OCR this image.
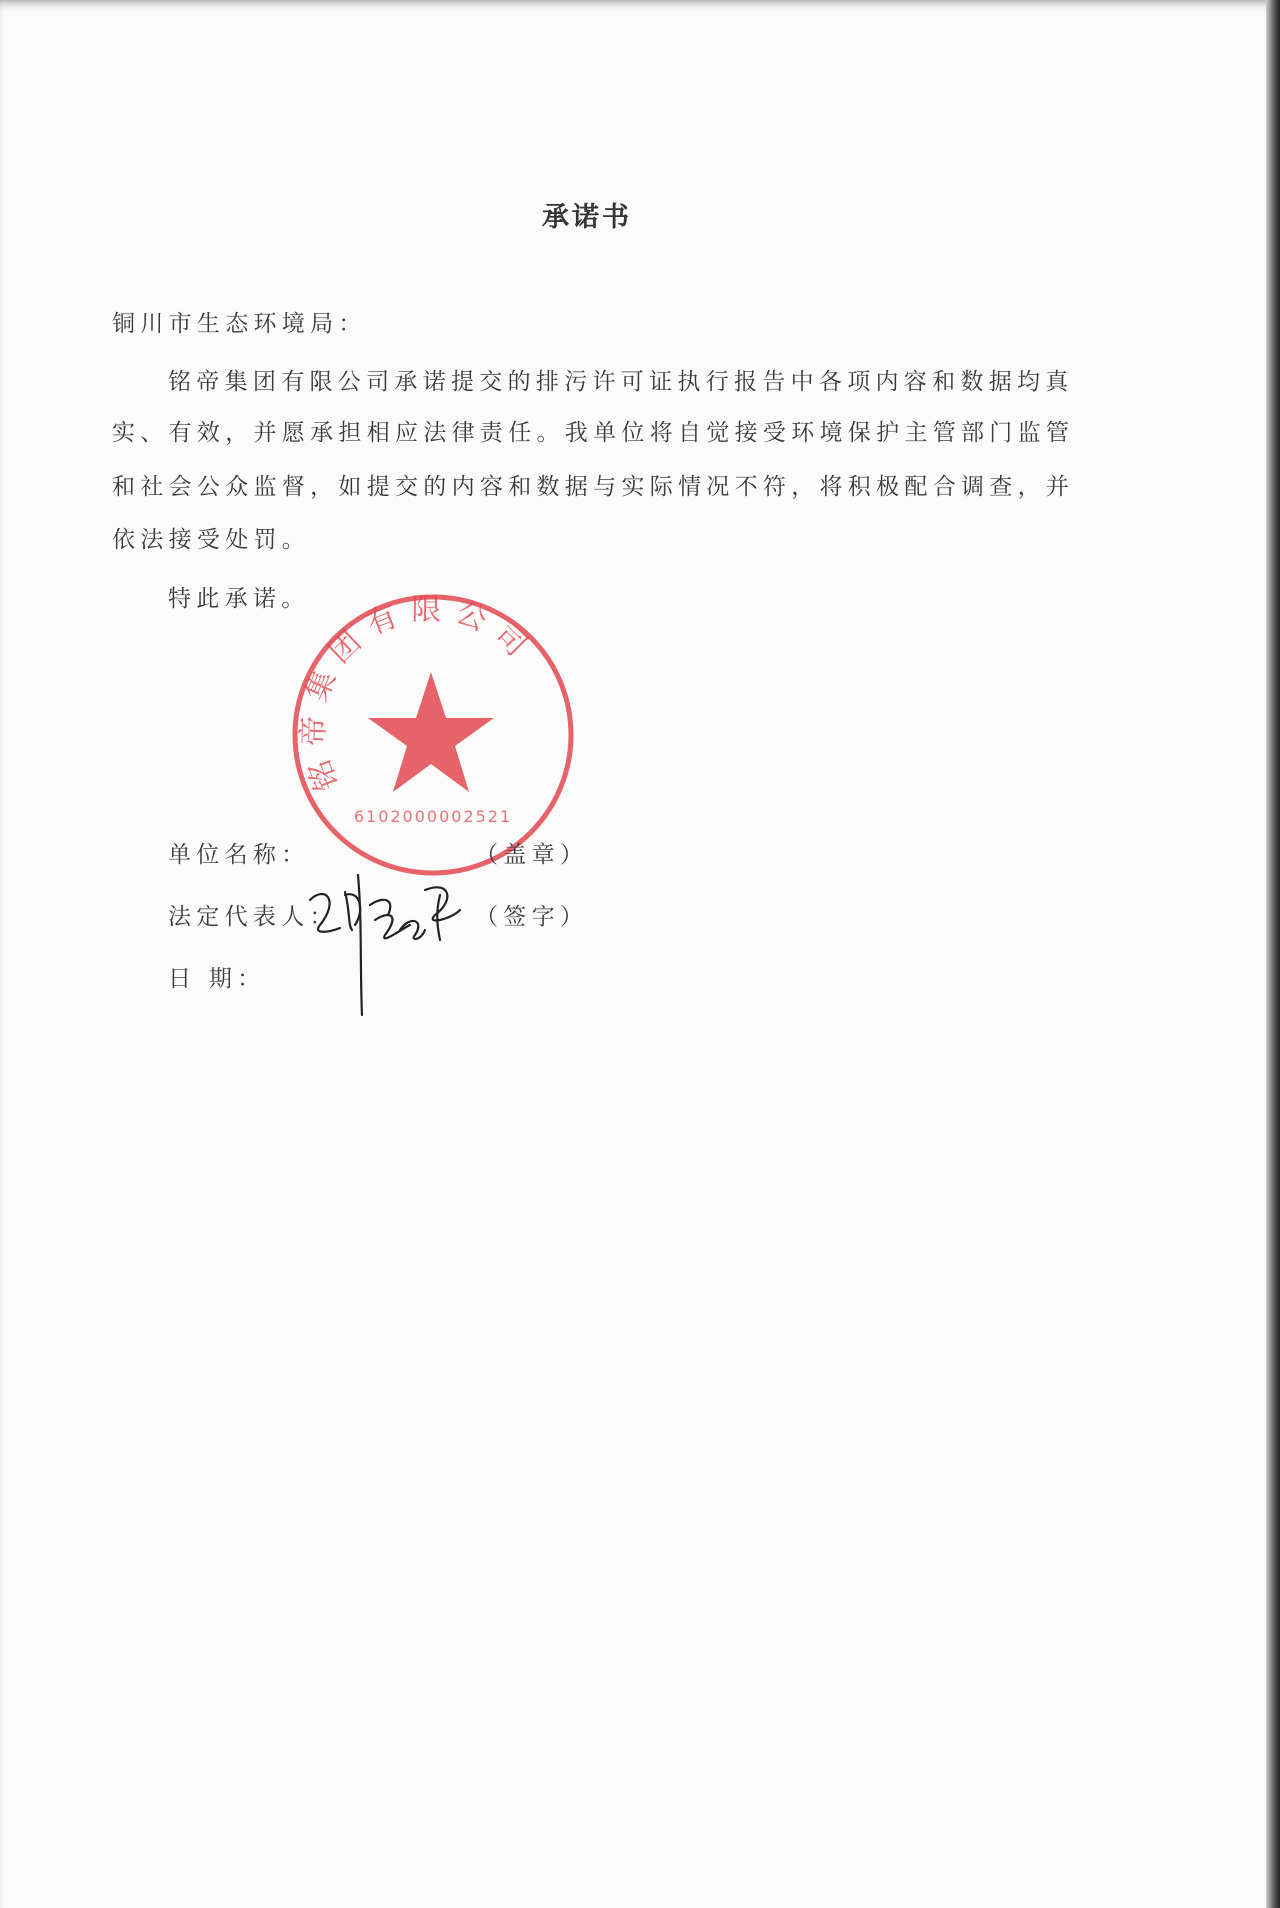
承诺书
铜川市生态环境局：
铭帝集团有限公司承诺提交的排污许可证执行报告中各项内容和数据均真
实、有效，并愿承担相应法律责任。我单位将自觉接受环境保护主管部门监管
和社会公众监督，如提交的内容和数据与实际情况不符，将积极配合调查，并
依法接受处罚。
特此承诺。
铭帝集团有限公司
6102000002521
单位名称：	（盖章）
法定代表人：	（签字）
日 期：
